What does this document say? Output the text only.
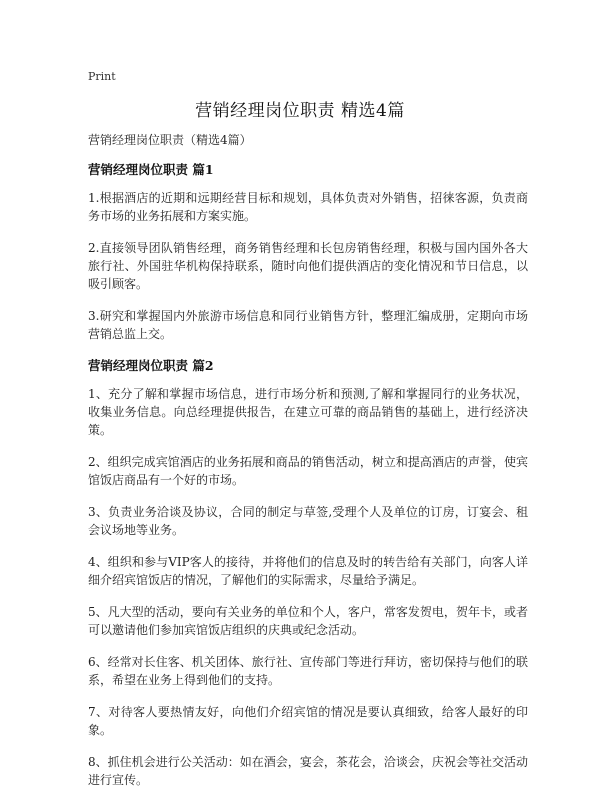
Print
营销经理岗位职责 精选4篇

营销经理岗位职责（精选4篇）

营销经理岗位职责 篇1

1.根据酒店的近期和远期经营目标和规划，具体负责对外销售，招徕客源，负责商务市场的业务拓展和方案实施。

2.直接领导团队销售经理，商务销售经理和长包房销售经理，积极与国内国外各大旅行社、外国驻华机构保持联系，随时向他们提供酒店的变化情况和节日信息，以吸引顾客。

3.研究和掌握国内外旅游市场信息和同行业销售方针，整理汇编成册，定期向市场营销总监上交。

营销经理岗位职责 篇2

1、充分了解和掌握市场信息，进行市场分析和预测,了解和掌握同行的业务状况，收集业务信息。向总经理提供报告，在建立可靠的商品销售的基础上，进行经济决策。

2、组织完成宾馆酒店的业务拓展和商品的销售活动，树立和提高酒店的声誉，使宾馆饭店商品有一个好的市场。

3、负责业务洽谈及协议，合同的制定与草签,受理个人及单位的订房，订宴会、租会议场地等业务。

4、组织和参与VIP客人的接待，并将他们的信息及时的转告给有关部门，向客人详细介绍宾馆饭店的情况，了解他们的实际需求，尽量给予满足。

5、凡大型的活动，要向有关业务的单位和个人，客户，常客发贺电，贺年卡，或者可以邀请他们参加宾馆饭店组织的庆典或纪念活动。

6、经常对长住客、机关团体、旅行社、宣传部门等进行拜访，密切保持与他们的联系，希望在业务上得到他们的支持。

7、对待客人要热情友好，向他们介绍宾馆的情况是要认真细致，给客人最好的印象。

8、抓住机会进行公关活动：如在酒会，宴会，茶花会，洽谈会，庆祝会等社交活动进行宣传。
